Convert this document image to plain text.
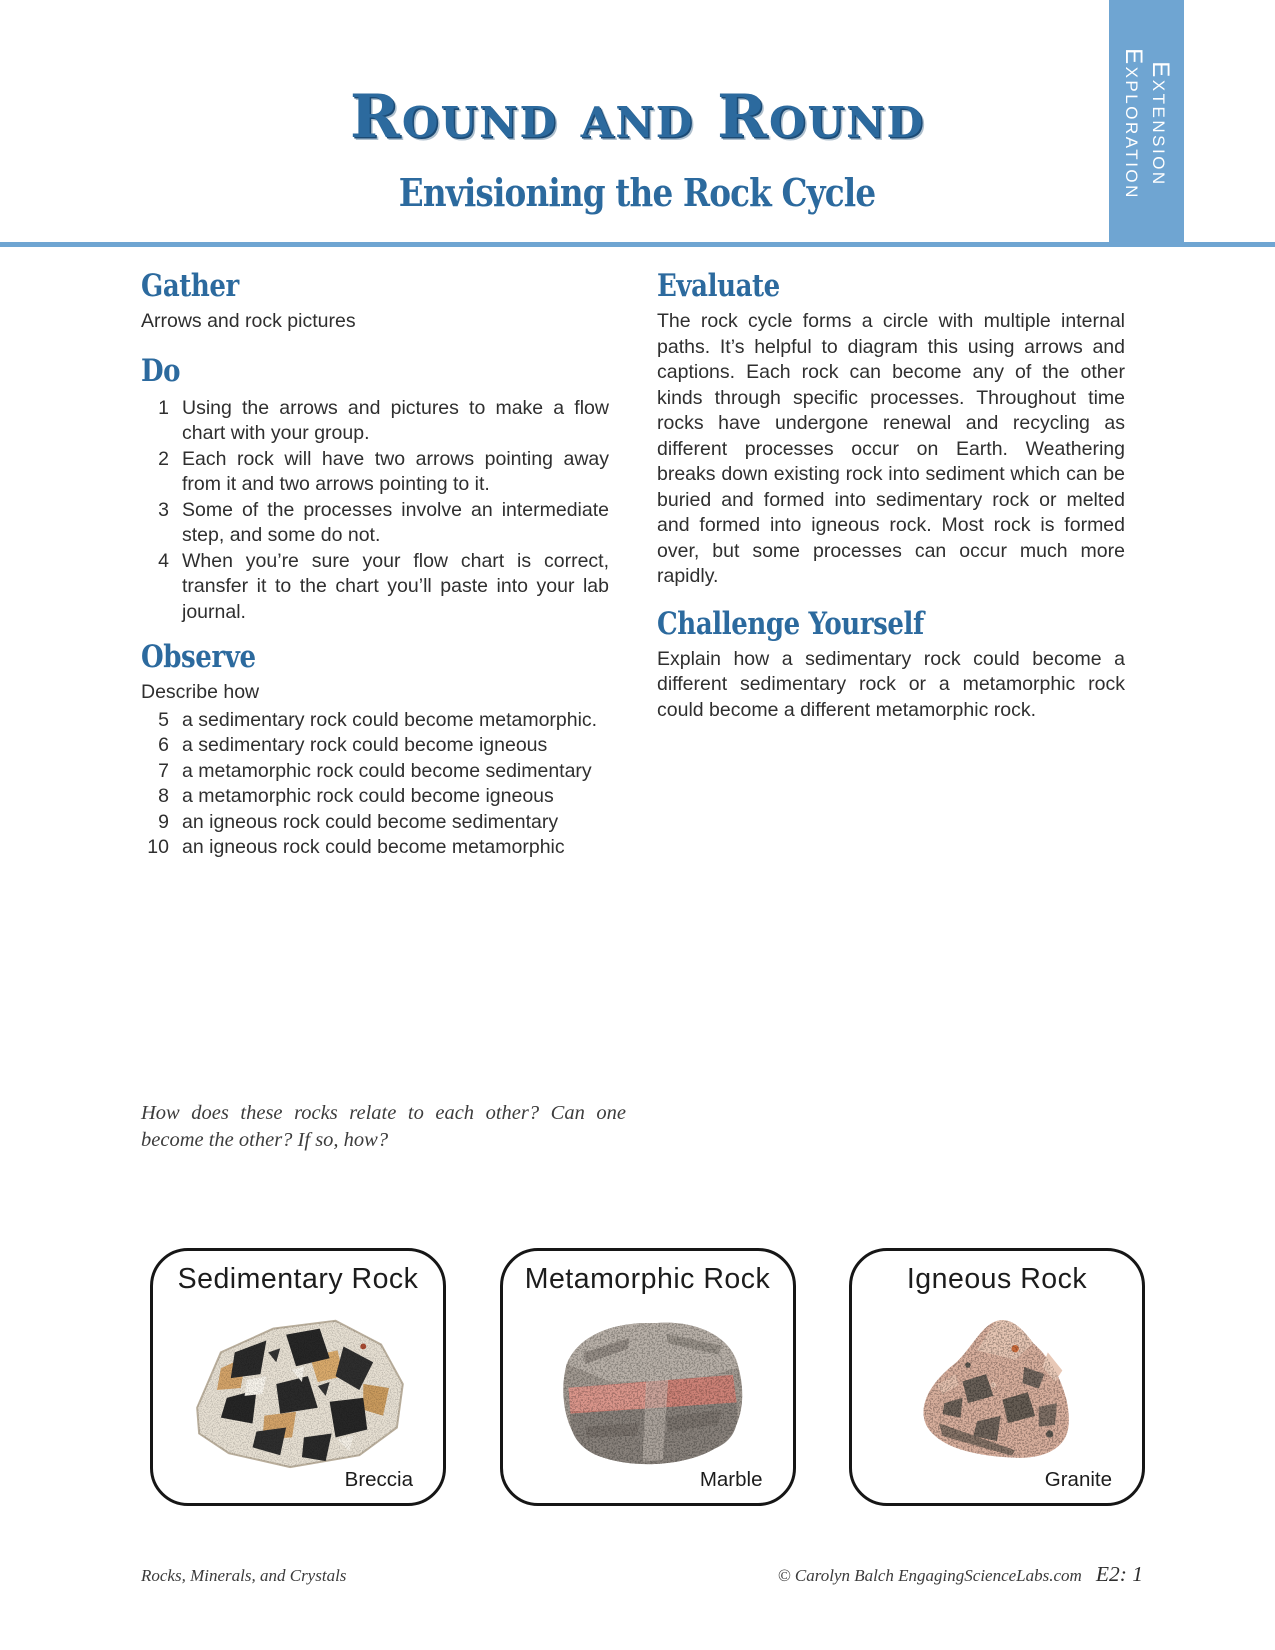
Round and Round

Envisioning the Rock Cycle
Extension
Exploration
Gather

Arrows and rock pictures

Do
1 Using the arrows and pictures to make a flow chart with your group.
2 Each rock will have two arrows pointing away from it and two arrows pointing to it.
3 Some of the processes involve an intermediate step, and some do not.
4 When you’re sure your flow chart is correct, transfer it to the chart you’ll paste into your lab journal.
Observe

Describe how

5 a sedimentary rock could become metamorphic.
6 a sedimentary rock could become igneous
7 a metamorphic rock could become sedimentary
8 a metamorphic rock could become igneous
9 an igneous rock could become sedimentary
10 an igneous rock could become metamorphic
Evaluate

The rock cycle forms a circle with multiple internal paths. It’s helpful to diagram this using arrows and captions. Each rock can become any of the other kinds through specific processes. Throughout time rocks have undergone renewal and recycling as different processes occur on Earth. Weathering breaks down existing rock into sediment which can be buried and formed into sedimentary rock or melted and formed into igneous rock. Most rock is formed over, but some processes can occur much more rapidly.

Challenge Yourself

Explain how a sedimentary rock could become a different sedimentary rock or a metamorphic rock could become a different metamorphic rock.

How does these rocks relate to each other? Can one become the other? If so, how?
Sedimentary Rock
Breccia
Metamorphic Rock
Marble
Igneous Rock
Granite
Rocks, Minerals, and Crystals	© Carolyn Balch EngagingScienceLabs.com E2: 1
